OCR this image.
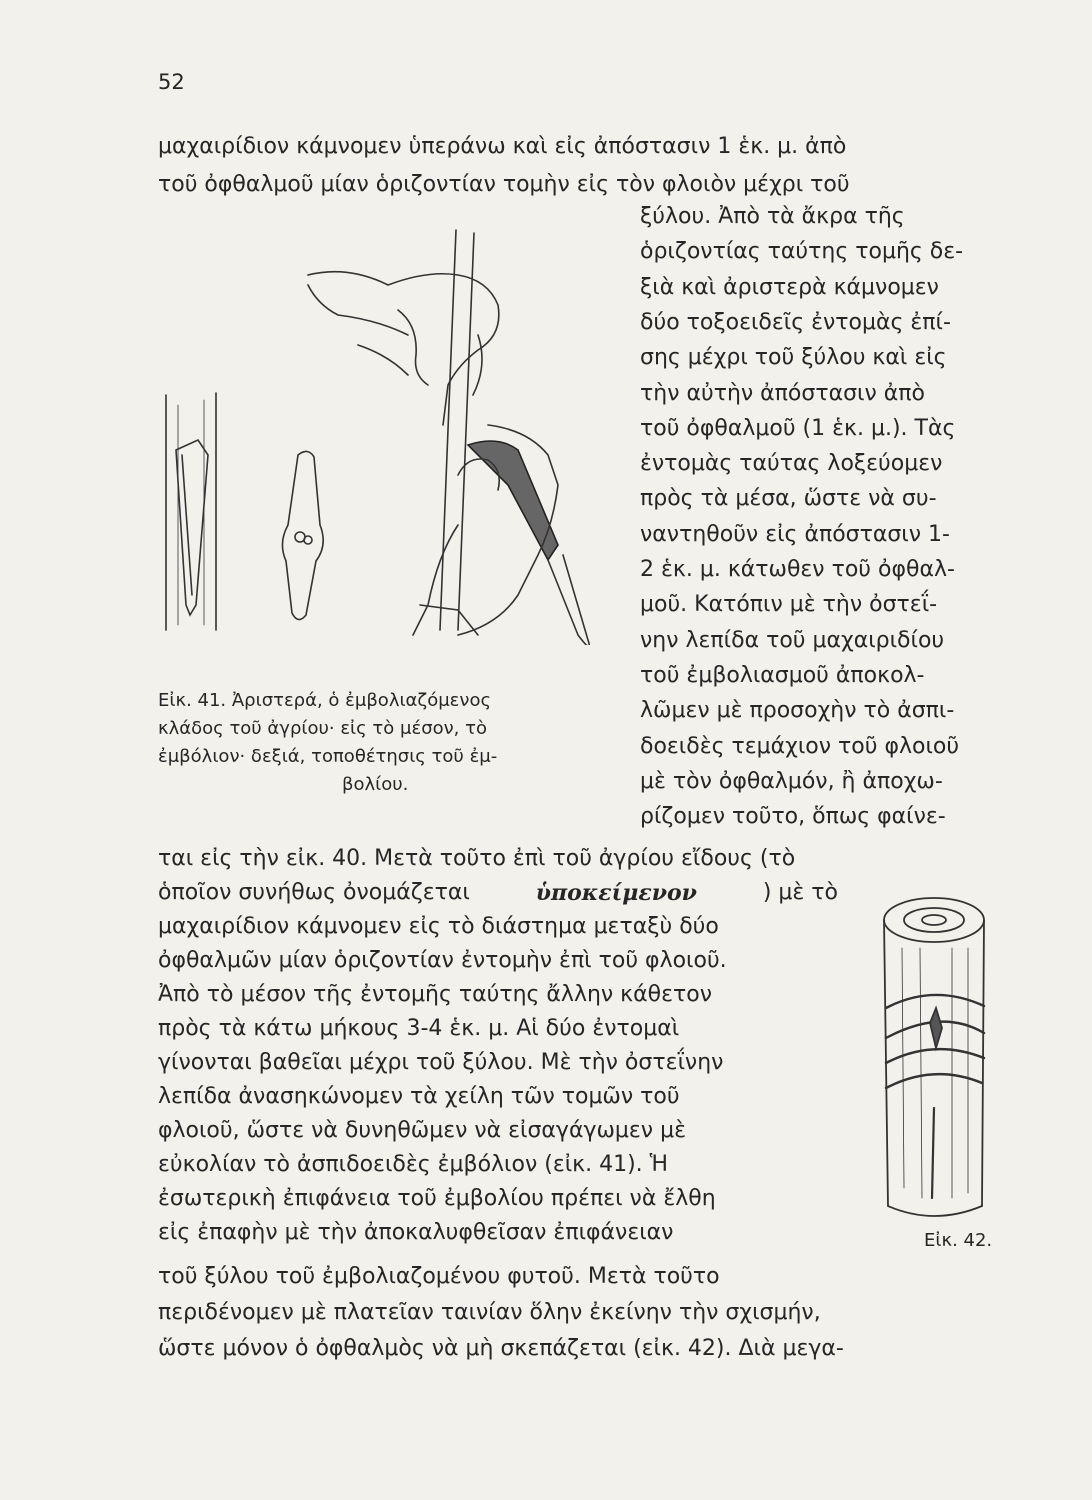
52
μαχαιρίδιον κάμνομεν ὑπεράνω καὶ εἰς ἀπόστασιν 1 ἑκ. μ. ἀπὸ
τοῦ ὀφθαλμοῦ μίαν ὁριζοντίαν τομὴν εἰς τὸν φλοιὸν μέχρι τοῦ
ξύλου. Ἀπὸ τὰ ἄκρα τῆς
ὁριζοντίας ταύτης τομῆς δε-
ξιὰ καὶ ἀριστερὰ κάμνομεν
δύο τοξοειδεῖς ἐντομὰς ἐπί-
σης μέχρι τοῦ ξύλου καὶ εἰς
τὴν αὐτὴν ἀπόστασιν ἀπὸ
τοῦ ὀφθαλμοῦ (1 ἑκ. μ.). Τὰς
ἐντομὰς ταύτας λοξεύομεν
πρὸς τὰ μέσα, ὥστε νὰ συ-
ναντηθοῦν εἰς ἀπόστασιν 1-
2 ἑκ. μ. κάτωθεν τοῦ ὀφθαλ-
μοῦ. Κατόπιν μὲ τὴν ὀστεΐ-
νην λεπίδα τοῦ μαχαιριδίου
τοῦ ἐμβολιασμοῦ ἀποκολ-
λῶμεν μὲ προσοχὴν τὸ ἀσπι-
δοειδὲς τεμάχιον τοῦ φλοιοῦ
μὲ τὸν ὀφθαλμόν, ἢ ἀποχω-
ρίζομεν τοῦτο, ὅπως φαίνε-
Εἰκ. 41. Ἀριστερά, ὁ ἐμβολιαζόμενος
κλάδος τοῦ ἀγρίου· εἰς τὸ μέσον, τὸ
ἐμβόλιον· δεξιά, τοποθέτησις τοῦ ἐμ-
βολίου.
ται εἰς τὴν εἰκ. 40. Μετὰ τοῦτο ἐπὶ τοῦ ἀγρίου εἴδους (τὸ
ὁποῖον συνήθως ὀνομάζεται	ὑποκείμενον	) μὲ τὸ
μαχαιρίδιον κάμνομεν εἰς τὸ διάστημα μεταξὺ δύο
ὀφθαλμῶν μίαν ὁριζοντίαν ἐντομὴν ἐπὶ τοῦ φλοιοῦ.
Ἀπὸ τὸ μέσον τῆς ἐντομῆς ταύτης ἄλλην κάθετον
πρὸς τὰ κάτω μήκους 3-4 ἑκ. μ. Αἱ δύο ἐντομαὶ
γίνονται βαθεῖαι μέχρι τοῦ ξύλου. Μὲ τὴν ὀστεΐνην
λεπίδα ἀνασηκώνομεν τὰ χείλη τῶν τομῶν τοῦ
φλοιοῦ, ὥστε νὰ δυνηθῶμεν νὰ εἰσαγάγωμεν μὲ
εὐκολίαν τὸ ἀσπιδοειδὲς ἐμβόλιον (εἰκ. 41). Ἡ
ἐσωτερικὴ ἐπιφάνεια τοῦ ἐμβολίου πρέπει νὰ ἔλθη
εἰς ἐπαφὴν μὲ τὴν ἀποκαλυφθεῖσαν ἐπιφάνειαν	Εἰκ. 42.
τοῦ ξύλου τοῦ ἐμβολιαζομένου φυτοῦ. Μετὰ τοῦτο
περιδένομεν μὲ πλατεῖαν ταινίαν ὅλην ἐκείνην τὴν σχισμήν,
ὥστε μόνον ὁ ὀφθαλμὸς νὰ μὴ σκεπάζεται (εἰκ. 42). Διὰ μεγα-
